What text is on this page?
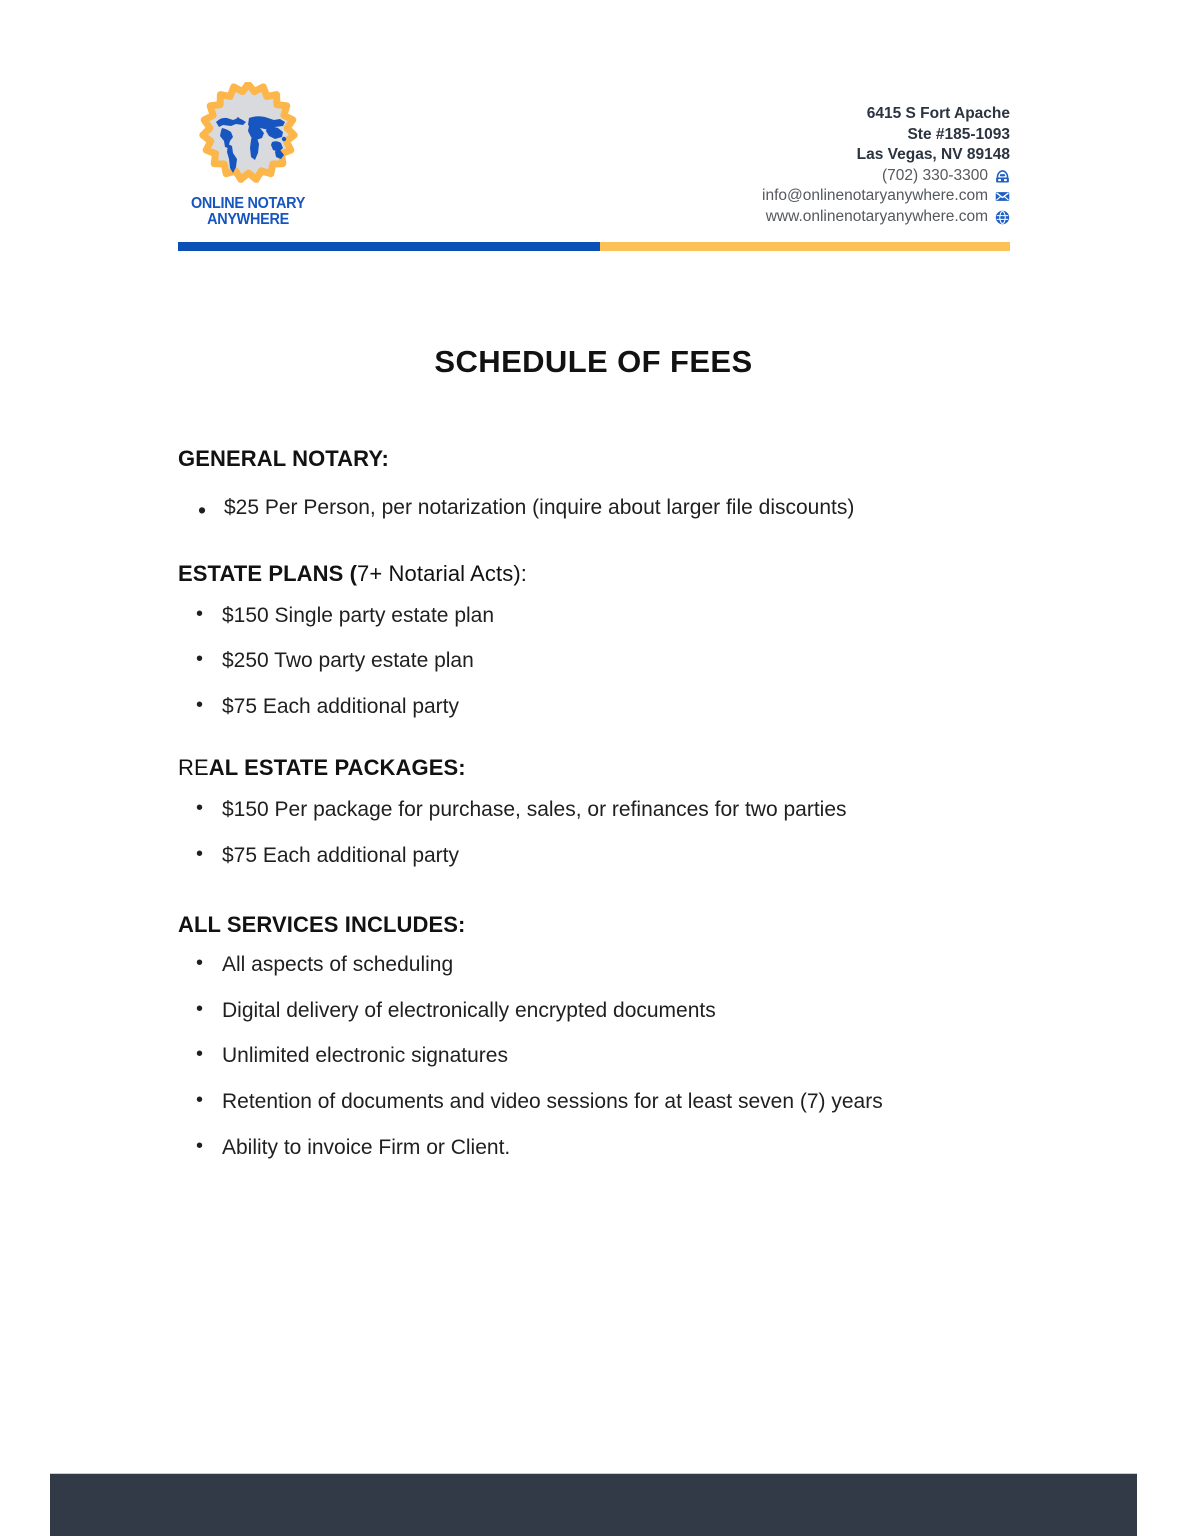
ONLINE NOTARY
ANYWHERE
6415 S Fort Apache
Ste #185-1093
Las Vegas, NV 89148
(702) 330-3300
info@onlinenotaryanywhere.com
www.onlinenotaryanywhere.com
SCHEDULE OF FEES
GENERAL NOTARY:
• $25 Per Person, per notarization (inquire about larger file discounts)
ESTATE PLANS (7+ Notarial Acts):
• $150 Single party estate plan
• $250 Two party estate plan
• $75 Each additional party
REAL ESTATE PACKAGES:
• $150 Per package for purchase, sales, or refinances for two parties
• $75 Each additional party
ALL SERVICES INCLUDES:
• All aspects of scheduling
• Digital delivery of electronically encrypted documents
• Unlimited electronic signatures
• Retention of documents and video sessions for at least seven (7) years
• Ability to invoice Firm or Client.
